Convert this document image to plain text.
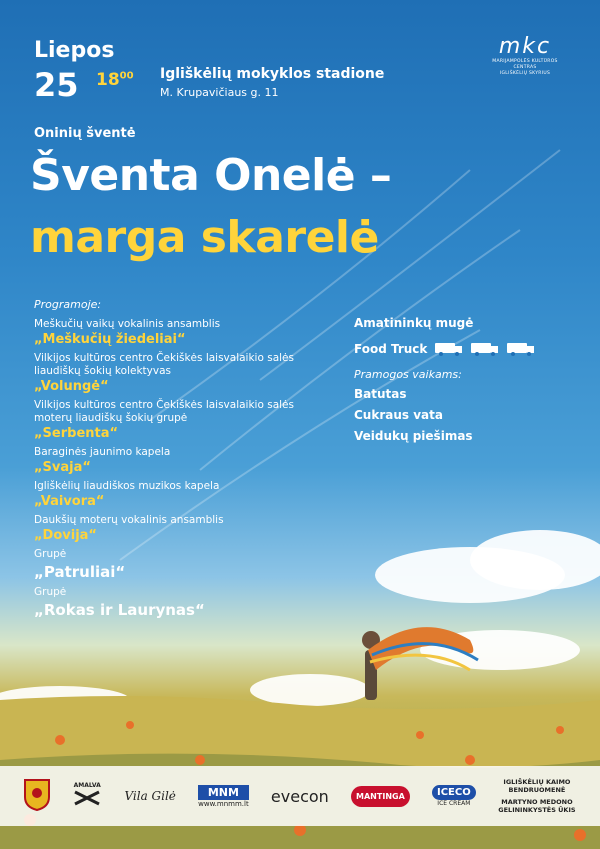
Liepos
25 $18^{00}$ Igliškėlių mokyklos stadione
M. Krupavičiaus g. 11
mkc
MARIJAMPOLĖS KULTŪROS CENTRAS
IGLIŠKĖLIŲ SKYRIUS
Oninių šventė
Šventa Onelė –
marga skarelė
Programoje:
Meškučių vaikų vokalinis ansamblis
„Meškučių žiedeliai“
Vilkijos kultūros centro Čekiškės laisvalaikio salės liaudiškų šokių kolektyvas
„Volungė“
Vilkijos kultūros centro Čekiškės laisvalaikio salės moterų liaudiškų šokių grupė
„Serbenta“
Baraginės jaunimo kapela
„Svaja“
Igliškėlių liaudiškos muzikos kapela
„Vaivora“
Daukšių moterų vokalinis ansamblis
„Dovija“
Grupė
„Patruliai“
Grupė
„Rokas ir Laurynas“
Amatininkų mugė
Food Truck
Pramogos vaikams:
Batutas
Cukraus vata
Veidukų piešimas
AMALVA
Vila Gilė	MNM
www.mnmm.lt evecon	MANTINGA	ICECO
ICE CREAM
IGLIŠKĖLIŲ KAIMO BENDRUOMENĖ
MARTYNO MEDONO GELININKYSTĖS ŪKIS
